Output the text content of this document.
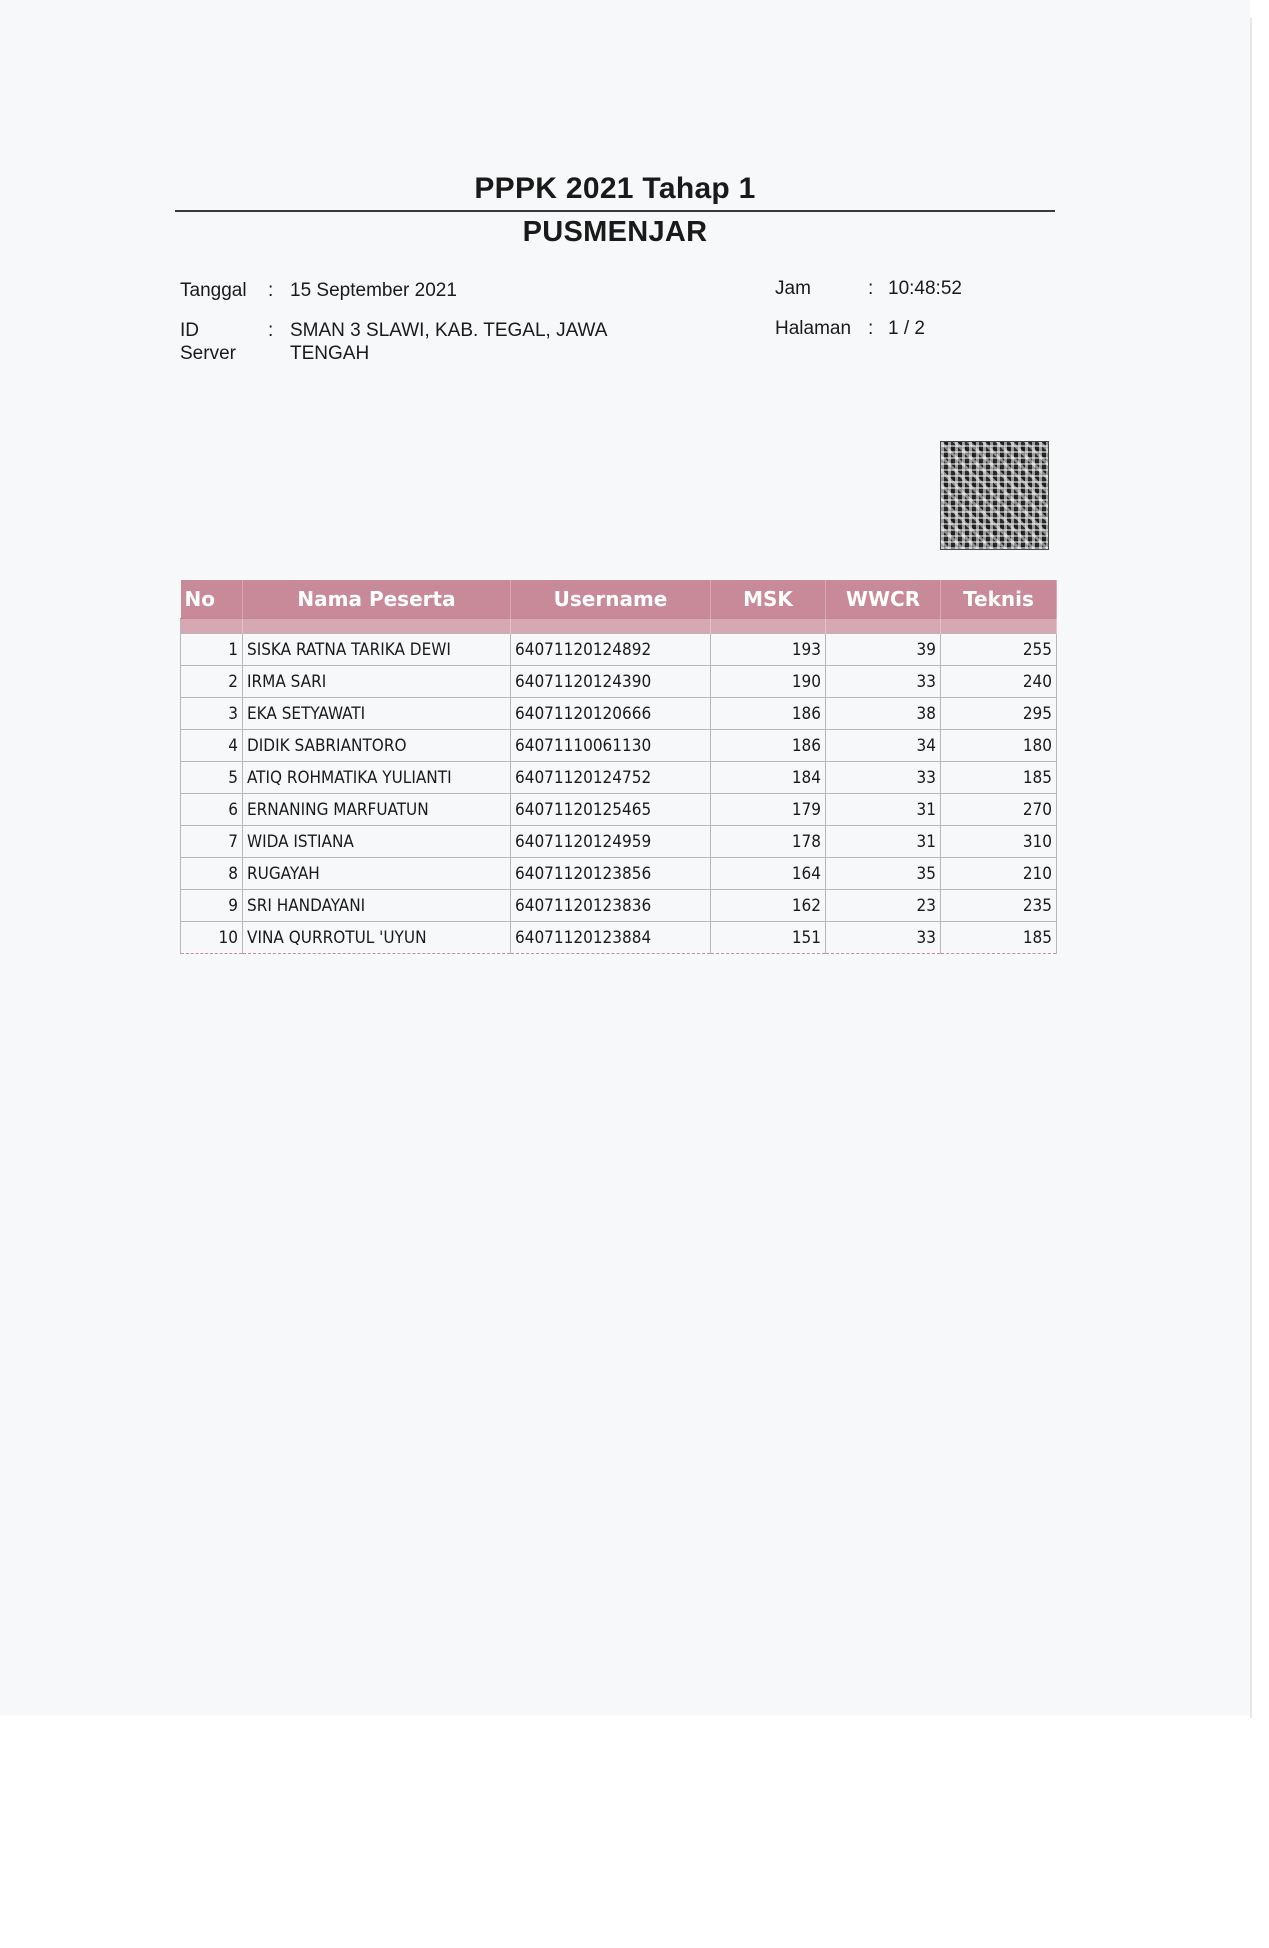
PPPK 2021 Tahap 1
PUSMENJAR
Tanggal : 15 September 2021
ID
Server
: SMAN 3 SLAWI, KAB. TEGAL, JAWA
TENGAH
Jam	: 10:48:52
Halaman : 1 / 2
No	Nama Peserta	Username	MSK	WWCR	Teknis

1	SISKA RATNA TARIKA DEWI	64071120124892	193	39	255
2	IRMA SARI	64071120124390	190	33	240
3	EKA SETYAWATI	64071120120666	186	38	295
4	DIDIK SABRIANTORO	64071110061130	186	34	180
5	ATIQ ROHMATIKA YULIANTI	64071120124752	184	33	185
6	ERNANING MARFUATUN	64071120125465	179	31	270
7	WIDA ISTIANA	64071120124959	178	31	310
8	RUGAYAH	64071120123856	164	35	210
9	SRI HANDAYANI	64071120123836	162	23	235
10	VINA QURROTUL 'UYUN	64071120123884	151	33	185
